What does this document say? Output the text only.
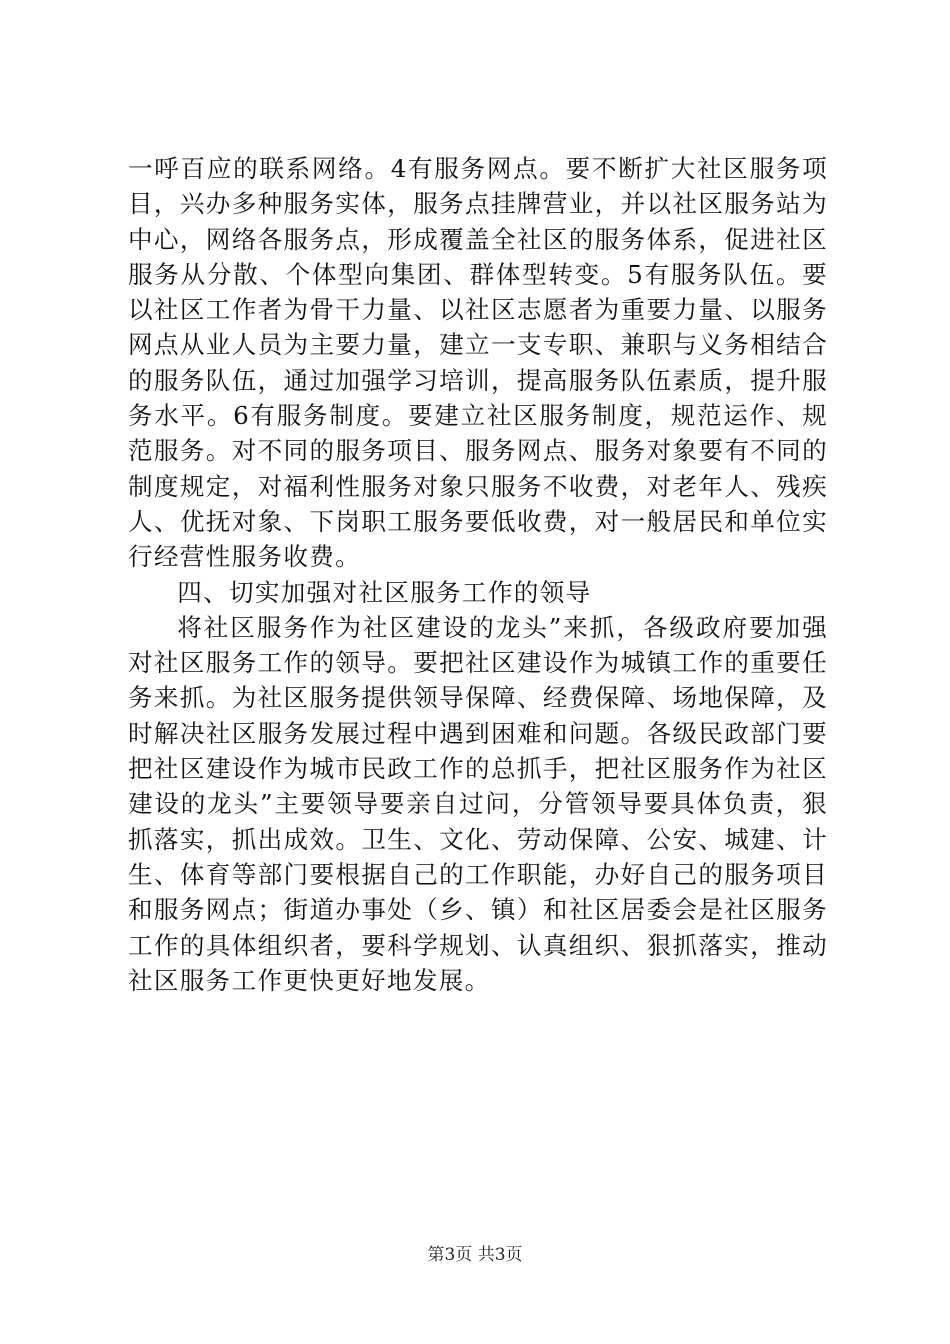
一呼百应的联系网络。4有服务网点。要不断扩大社区服务项目，兴办多种服务实体，服务点挂牌营业，并以社区服务站为中心，网络各服务点，形成覆盖全社区的服务体系，促进社区服务从分散、个体型向集团、群体型转变。5有服务队伍。要以社区工作者为骨干力量、以社区志愿者为重要力量、以服务网点从业人员为主要力量，建立一支专职、兼职与义务相结合的服务队伍，通过加强学习培训，提高服务队伍素质，提升服务水平。6有服务制度。要建立社区服务制度，规范运作、规范服务。对不同的服务项目、服务网点、服务对象要有不同的制度规定，对福利性服务对象只服务不收费，对老年人、残疾人、优抚对象、下岗职工服务要低收费，对一般居民和单位实行经营性服务收费。

四、切实加强对社区服务工作的领导

将社区服务作为社区建设的龙头”来抓，各级政府要加强对社区服务工作的领导。要把社区建设作为城镇工作的重要任务来抓。为社区服务提供领导保障、经费保障、场地保障，及时解决社区服务发展过程中遇到困难和问题。各级民政部门要把社区建设作为城市民政工作的总抓手，把社区服务作为社区建设的龙头”主要领导要亲自过问，分管领导要具体负责，狠抓落实，抓出成效。卫生、文化、劳动保障、公安、城建、计生、体育等部门要根据自己的工作职能，办好自己的服务项目和服务网点；街道办事处（乡、镇）和社区居委会是社区服务工作的具体组织者，要科学规划、认真组织、狠抓落实，推动社区服务工作更快更好地发展。

第3页 共3页
